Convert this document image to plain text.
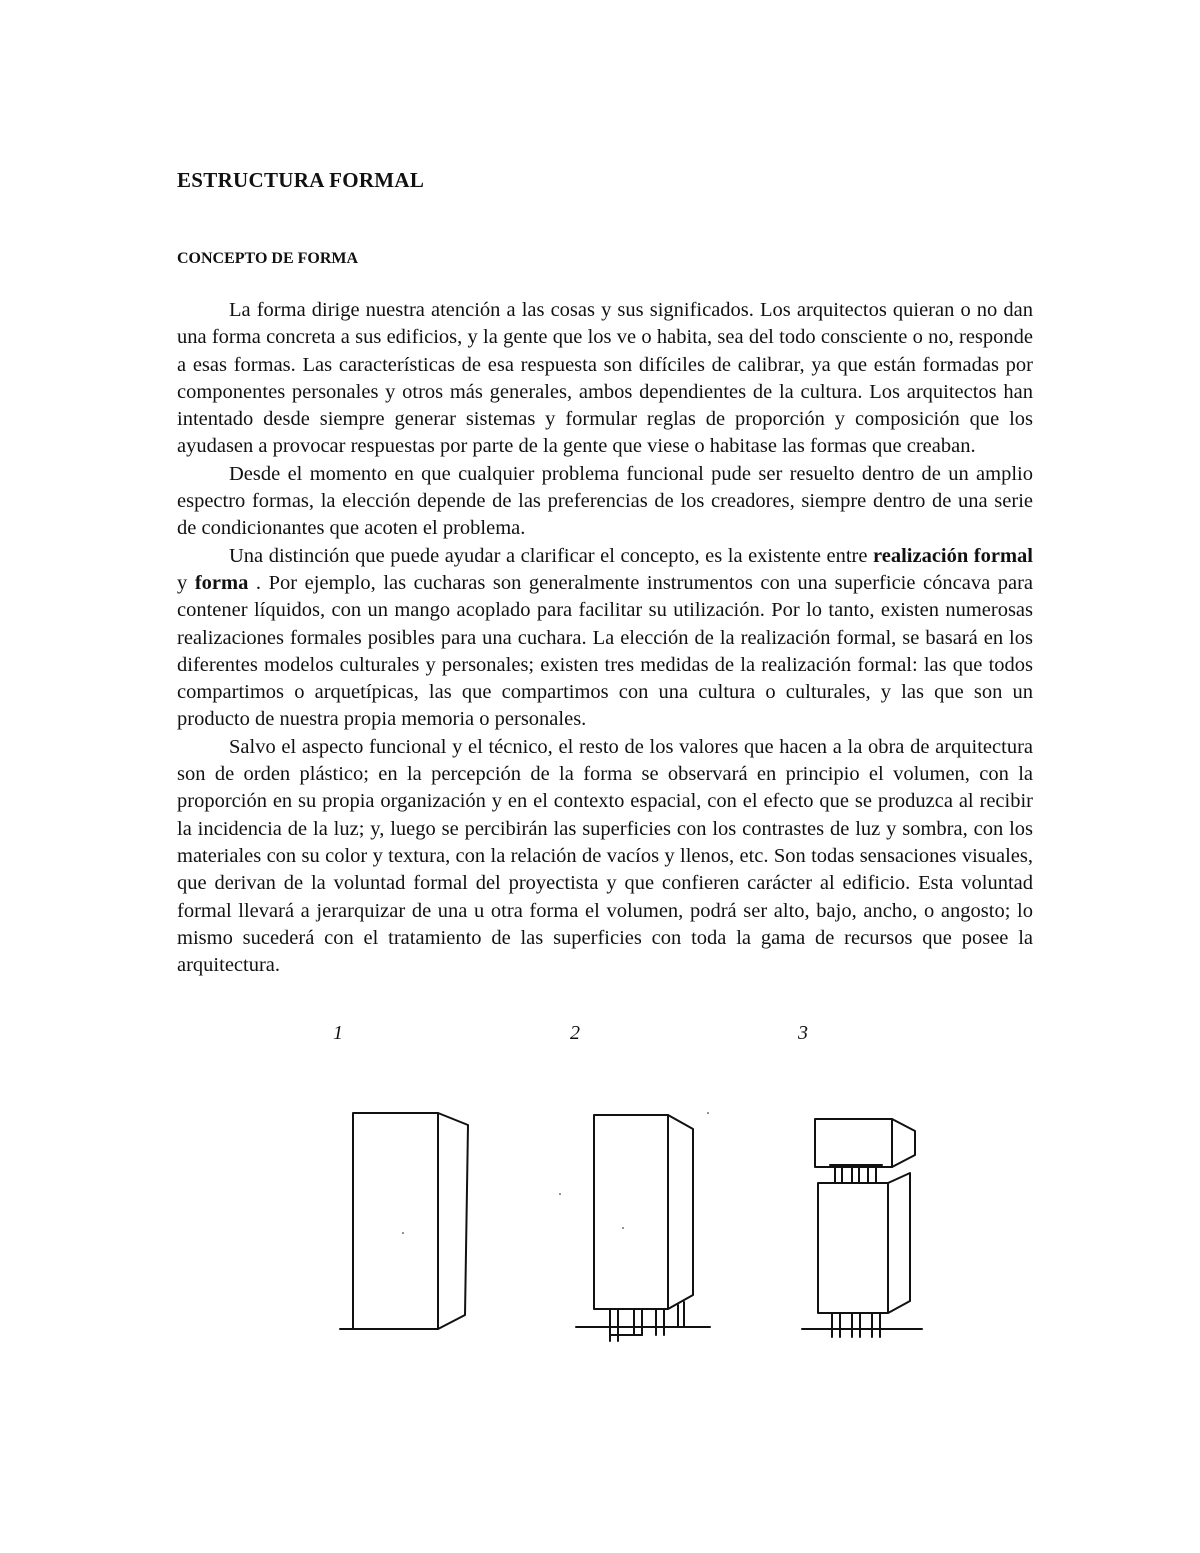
ESTRUCTURA FORMAL
CONCEPTO DE FORMA

La forma dirige nuestra atención a las cosas y sus significados. Los arquitectos quieran o no dan una forma concreta a sus edificios, y la gente que los ve o habita, sea del todo consciente o no, responde a esas formas. Las características de esa respuesta son difíciles de calibrar, ya que están formadas por componentes personales y otros más generales, ambos dependientes de la cultura. Los arquitectos han intentado desde siempre generar sistemas y formular reglas de proporción y composición que los ayudasen a provocar respuestas por parte de la gente que viese o habitase las formas que creaban.

Desde el momento en que cualquier problema funcional pude ser resuelto dentro de un amplio espectro formas, la elección depende de las preferencias de los creadores, siempre dentro de una serie de condicionantes que acoten el problema.

Una distinción que puede ayudar a clarificar el concepto, es la existente entre realización formal y forma . Por ejemplo, las cucharas son generalmente instrumentos con una superficie cóncava para contener líquidos, con un mango acoplado para facilitar su utilización. Por lo tanto, existen numerosas realizaciones formales posibles para una cuchara. La elección de la realización formal, se basará en los diferentes modelos culturales y personales; existen tres medidas de la realización formal: las que todos compartimos o arquetípicas, las que compartimos con una cultura o culturales, y las que son un producto de nuestra propia memoria o personales.

Salvo el aspecto funcional y el técnico, el resto de los valores que hacen a la obra de arquitectura son de orden plástico; en la percepción de la forma se observará en principio el volumen, con la proporción en su propia organización y en el contexto espacial, con el efecto que se produzca al recibir la incidencia de la luz; y, luego se percibirán las superficies con los contrastes de luz y sombra, con los materiales con su color y textura, con la relación de vacíos y llenos, etc. Son todas sensaciones visuales, que derivan de la voluntad formal del proyectista y que confieren carácter al edificio. Esta voluntad formal llevará a jerarquizar de una u otra forma el volumen, podrá ser alto, bajo, ancho, o angosto; lo mismo sucederá con el tratamiento de las superficies con toda la gama de recursos que posee la arquitectura.

1	2	3
